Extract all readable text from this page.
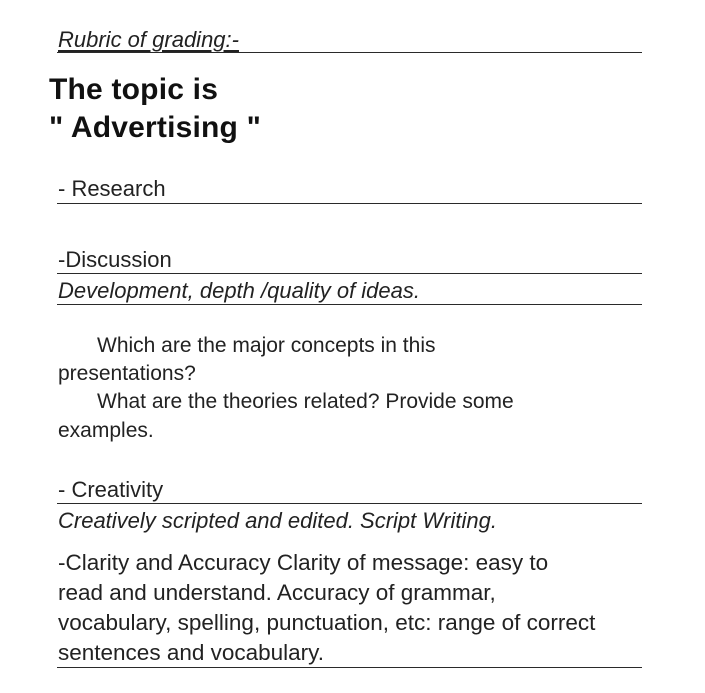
Rubric of grading:-
The topic is
" Advertising "
- Research
-Discussion
Development, depth /quality of ideas.
Which are the major concepts in this
presentations?
What are the theories related? Provide some
examples.
- Creativity
Creatively scripted and edited. Script Writing.
-Clarity and Accuracy Clarity of message: easy to
read and understand. Accuracy of grammar,
vocabulary, spelling, punctuation, etc: range of correct
sentences and vocabulary.
